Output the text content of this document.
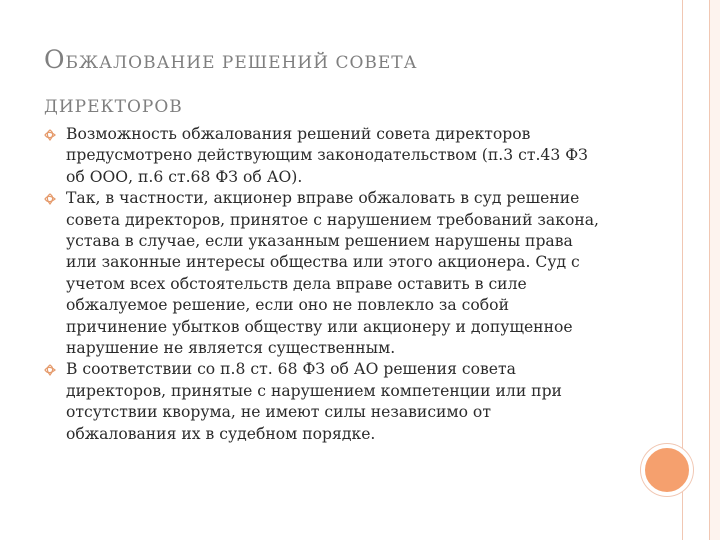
ОБЖАЛОВАНИЕ РЕШЕНИЙ СОВЕТА
ДИРЕКТОРОВ
Возможность обжалования решений совета директоров предусмотрено действующим законодательством (п.3 ст.43 ФЗ об ООО, п.6 ст.68 ФЗ об АО).
Так, в частности, акционер вправе обжаловать в суд решение совета директоров, принятое с нарушением требований закона, устава в случае, если указанным решением нарушены права или законные интересы общества или этого акционера. Суд с учетом всех обстоятельств дела вправе оставить в силе обжалуемое решение, если оно не повлекло за собой причинение убытков обществу или акционеру и допущенное нарушение не является существенным.
В соответствии со п.8 ст. 68 ФЗ об АО решения совета директоров, принятые с нарушением компетенции или при отсутствии кворума, не имеют силы независимо от обжалования их в судебном порядке.
